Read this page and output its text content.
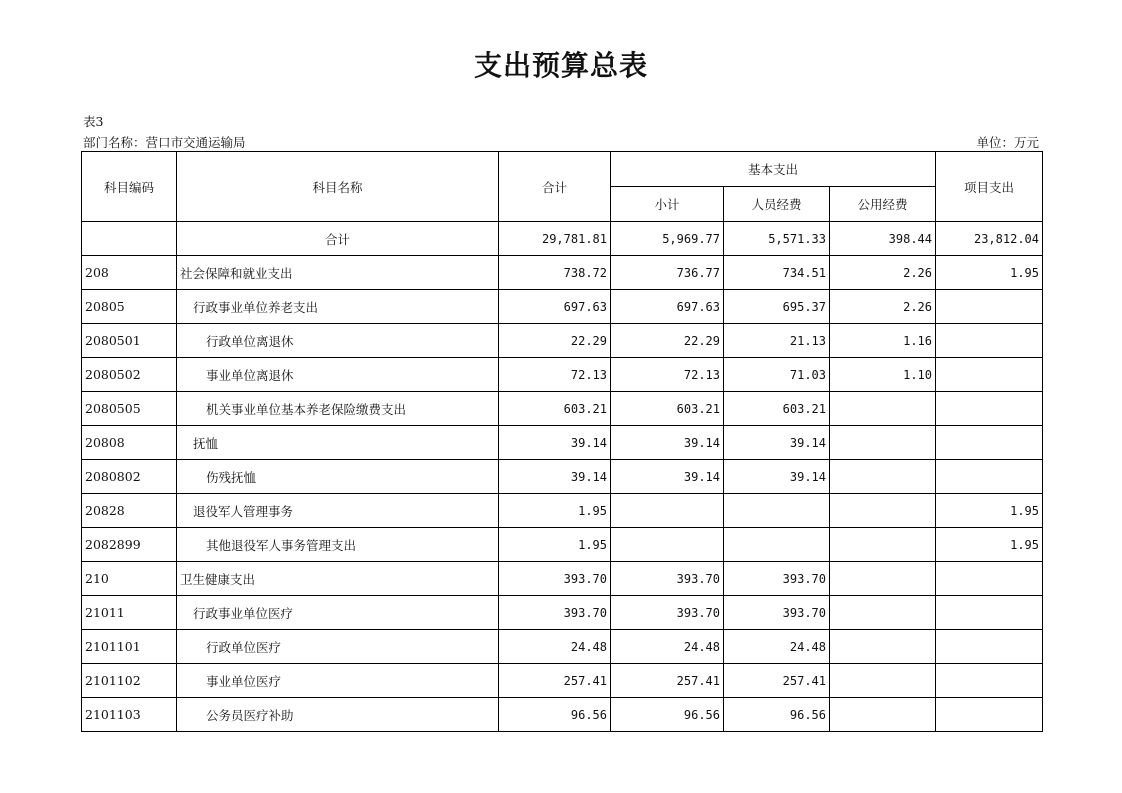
支出预算总表
表3
部门名称：营口市交通运输局	单位：万元
科目编码	科目名称	合计	基本支出			项目支出
			小计	人员经费	公用经费	
	合计	29,781.81	5,969.77	5,571.33	398.44	23,812.04
208	社会保障和就业支出	738.72	736.77	734.51	2.26	1.95
20805	行政事业单位养老支出	697.63	697.63	695.37	2.26	
2080501	行政单位离退休	22.29	22.29	21.13	1.16	
2080502	事业单位离退休	72.13	72.13	71.03	1.10	
2080505	机关事业单位基本养老保险缴费支出	603.21	603.21	603.21		
20808	抚恤	39.14	39.14	39.14		
2080802	伤残抚恤	39.14	39.14	39.14		
20828	退役军人管理事务	1.95				1.95
2082899	其他退役军人事务管理支出	1.95				1.95
210	卫生健康支出	393.70	393.70	393.70		
21011	行政事业单位医疗	393.70	393.70	393.70		
2101101	行政单位医疗	24.48	24.48	24.48		
2101102	事业单位医疗	257.41	257.41	257.41		
2101103	公务员医疗补助	96.56	96.56	96.56		
